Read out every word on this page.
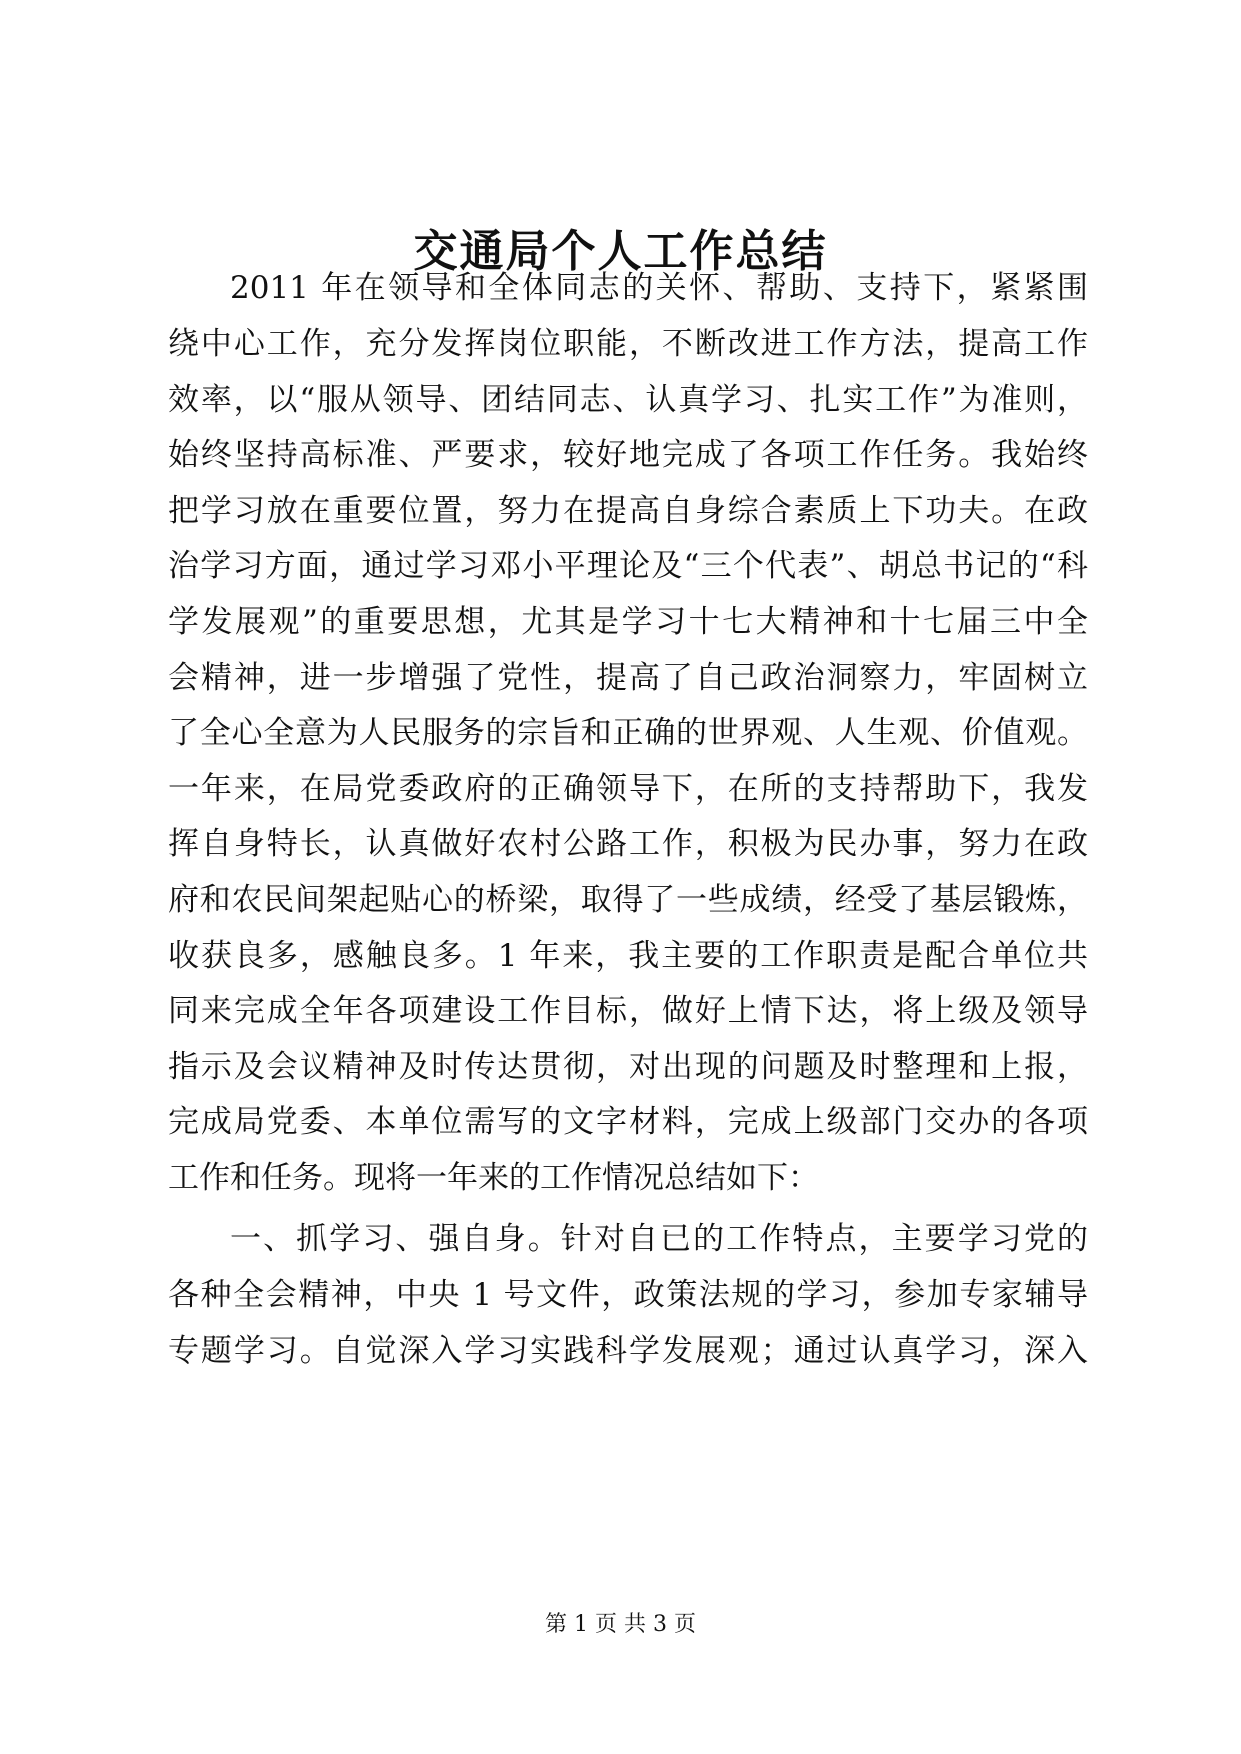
交通局个人工作总结
2011 年在领导和全体同志的关怀、帮助、支持下，紧紧围
绕中心工作，充分发挥岗位职能，不断改进工作方法，提高工作
效率，以“服从领导、团结同志、认真学习、扎实工作”为准则，
始终坚持高标准、严要求，较好地完成了各项工作任务。我始终
把学习放在重要位置，努力在提高自身综合素质上下功夫。在政
治学习方面，通过学习邓小平理论及“三个代表”、胡总书记的“科
学发展观”的重要思想，尤其是学习十七大精神和十七届三中全
会精神，进一步增强了党性，提高了自己政治洞察力，牢固树立
了全心全意为人民服务的宗旨和正确的世界观、人生观、价值观。
一年来，在局党委政府的正确领导下，在所的支持帮助下，我发
挥自身特长，认真做好农村公路工作，积极为民办事，努力在政
府和农民间架起贴心的桥梁，取得了一些成绩，经受了基层锻炼，
收获良多，感触良多。1 年来，我主要的工作职责是配合单位共
同来完成全年各项建设工作目标，做好上情下达，将上级及领导
指示及会议精神及时传达贯彻，对出现的问题及时整理和上报，
完成局党委、本单位需写的文字材料，完成上级部门交办的各项
工作和任务。现将一年来的工作情况总结如下：
一、抓学习、强自身。针对自已的工作特点，主要学习党的
各种全会精神，中央 1 号文件，政策法规的学习，参加专家辅导
专题学习。自觉深入学习实践科学发展观；通过认真学习，深入
第 1 页 共 3 页
